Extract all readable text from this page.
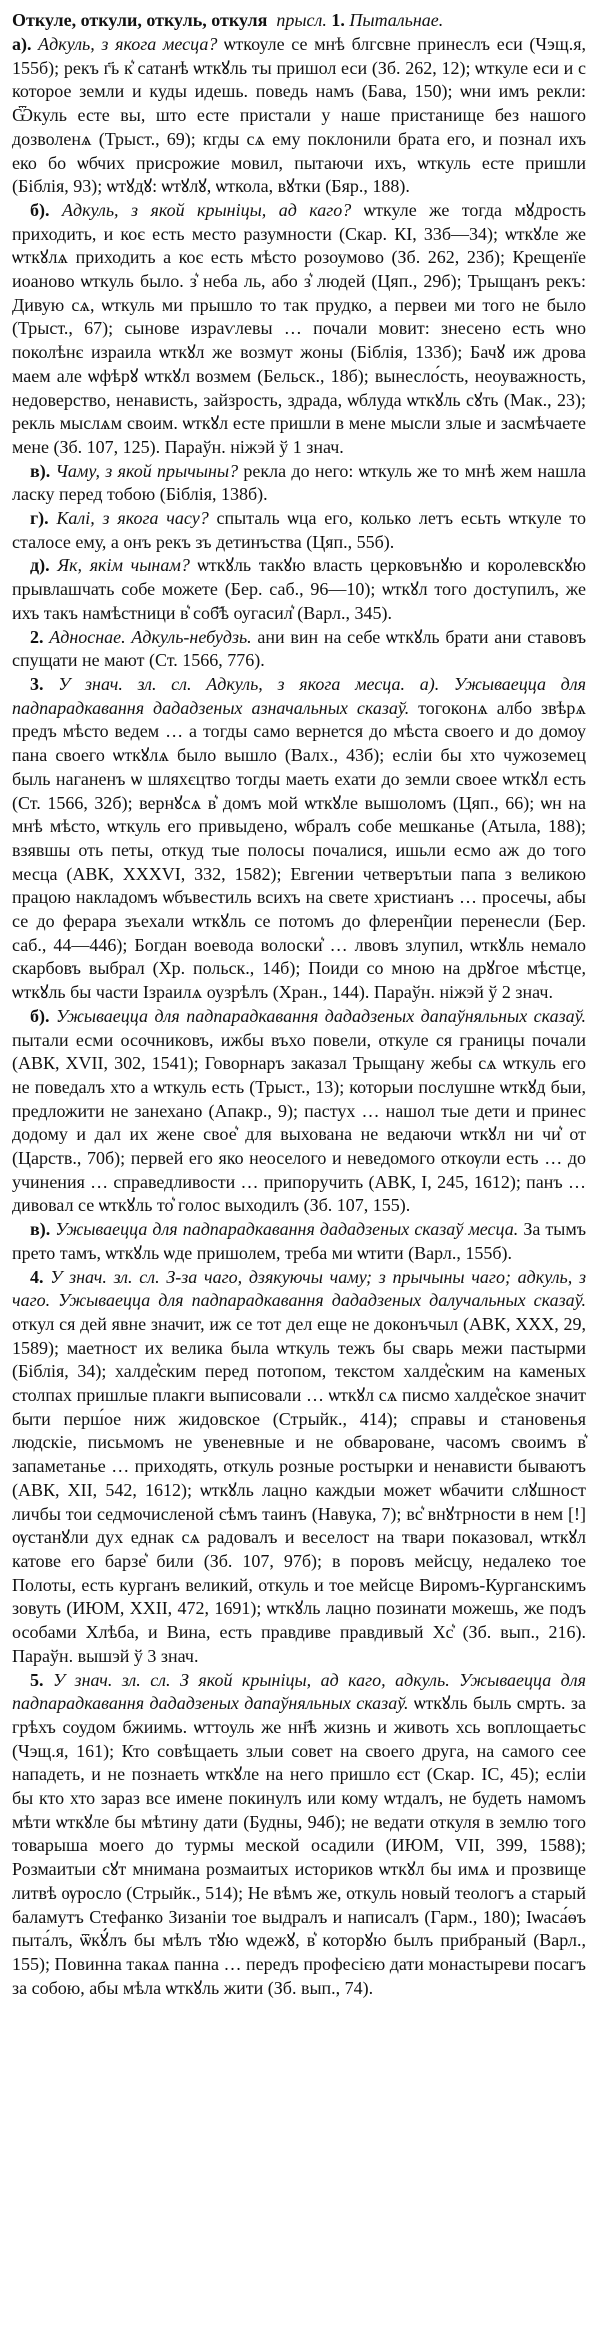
Откуле, откули, откуль, откуля прысл. 1. Пытальнае.

а). Адкуль, з якога месца? ѡткоуле се мнѣ блгсвне принеслъ еси (Чэщ.я, 155б); рекъ г҃ь к͛ сатанѣ ѡткꙋль ты пришол еси (Зб. 262, 12); ѡткуле еси и с которое земли и куды идешь. поведь намъ (Бава, 150); ѡни имъ рекли: Ѿкуль есте вы, што есте пристали у наше пристанище без нашого дозволенѧ (Трыст., 69); кгды сѧ ему поклонили брата его, и познал ихъ еко бо ѡбчих присрожие мовил, пытаючи ихъ, ѡткуль есте пришли (Біблія, 93); ѡтꙋдꙋ: ѡтꙋлꙋ, ѡткола, вꙋтки (Бяр., 188).

б). Адкуль, з якой крыніцы, ад каго? ѡткуле же тогда мꙋдрость приходить, и коє есть место разумности (Скар. КІ, 33б—34); ѡткꙋле же ѡткꙋлѧ приходить а коє есть мѣсто розоумово (Зб. 262, 23б); Крещенїе иоаново ѡткуль было. з͛ неба ль, або з͛ людей (Цяп., 29б); Трыщанъ рекъ: Дивую сѧ, ѡткуль ми прышло то так прудко, а первеи ми того не было (Трыст., 67); сынове израѵлевы … почали мовит: знесено есть ѡно поколѣнє израила ѡткꙋл же возмут жоны (Біблія, 133б); Бачꙋ иж дрова маем але ѡфѣрꙋ ѡткꙋл возмем (Бельск., 18б); вынесло́сть, неоуважность, недоверство, ненависть, зайзрость, здрада, ѡблуда ѡткꙋль сꙋть (Мак., 23); рекль мыслѧм своим. ѡткꙋл есте пришли в мене мысли злые и засмѣчаете мене (Зб. 107, 125). Параўн. ніжэй ў 1 знач.

в). Чаму, з якой прычыны? рекла до него: ѡткуль же то мнѣ жем нашла ласку перед тобою (Біблія, 138б).

г). Калі, з якога часу? спыталь ѡца его, колько летъ есьть ѡткуле то сталосе ему, а онъ рекъ зъ детинъства (Цяп., 55б).

д). Як, якім чынам? ѡткꙋль такꙋю власть церковънꙋю и королевскꙋю прывлашчать собе можете (Бер. саб., 96—10); ѡткꙋл того доступилъ, же ихъ такъ намѣстници в͛ соб҃ѣ оугасил͛ (Варл., 345).

2. Адноснае. Адкуль-небудзь. ани вин на себе ѡткꙋль брати ани ставовъ спущати не мают (Ст. 1566, 776).

3. У знач. зл. сл. Адкуль, з якога месца. а). Ужываецца для падпарадкавання дададзеных азначальных сказаў. тогоконѧ албо звѣрѧ предъ мѣсто ведем … а тогды само вернется до мѣста своего и до домоу пана своего ѡткꙋлѧ было вышло (Валх., 43б); есліи бы хто чужоземец быль наганенъ ѡ шляхєцтво тогды маеть ехати до земли своее ѡткꙋл есть (Ст. 1566, 32б); вернꙋсѧ в͛ домъ мой ѡткꙋле вышоломъ (Цяп., 66); ѡн на мнѣ мѣсто, ѡткуль его привыдено, ѡбралъ собе мешканье (Атыла, 188); взявшы оть петы, откуд тые полосы почалися, ишьли есмо аж до того месца (АВК, XXXVI, 332, 1582); Евгении четверътыи папа з великою працою накладомъ ѡбъвестиль всихъ на свете христианъ … просечы, абы се до ферара зъехали ѡткꙋль се потомъ до флерен̃ции перенесли (Бер. саб., 44—446); Богдан воевода волоски͛ … лвовъ злупил, ѡткꙋль немало скарбовъ выбрал (Хр. польск., 14б); Поиди со мною на дрꙋгое мѣстце, ѡткꙋль бы части Ізраилѧ оузрѣлъ (Хран., 144). Параўн. ніжэй ў 2 знач.

б). Ужываецца для падпарадкавання дададзеных дапаўняльных сказаў. пытали есми осочниковъ, ижбы въхо повели, откуле ся границы почали (АВК, XVII, 302, 1541); Говорнаръ заказал Трыщану жебы сѧ ѡткуль его не поведалъ хто а ѡткуль есть (Трыст., 13); которыи послушне ѡткꙋд быи, предложити не занехано (Апакр., 9); пастух … нашол тые дети и принес додому и дал их жене свое͛ для выхована не ведаючи ѡткꙋл ни чи͛ от (Царств., 70б); первей его яко неоселого и неведомого откѹли есть … до учинения … справедливости … припоручить (АВК, І, 245, 1612); панъ … дивовал се ѡткꙋль то͛ голос выходилъ (Зб. 107, 155).

в). Ужываецца для падпарадкавання дададзеных сказаў месца. За тымъ прето тамъ, ѡткꙋль ѡде пришолем, треба ми ѡтити (Варл., 155б).

4. У знач. зл. сл. З-за чаго, дзякуючы чаму; з прычыны чаго; адкуль, з чаго. Ужываецца для падпарадкавання дададзеных далучальных сказаў. откул ся дей явне значит, иж се тот дел еще не доконъчыл (АВК, XXX, 29, 1589); маетност их велика была ѡткуль тежъ бы сварь межи пастырми (Біблія, 34); халде͛ским перед потопом, текстом халде͛ским на каменых столпах пришлые плакги выписовали … ѡткꙋл сѧ писмо халде͛ское значит быти перш́ое ниж жидовское (Стрыйк., 414); справы и становенья людскіе, письмомъ не увеневные и не обвароване, часомъ своимъ в͛ запаметанье … приходять, откуль розные ростырки и ненависти бываютъ (АВК, XII, 542, 1612); ѡткꙋль лацно каждыи может ѡбачити слꙋшност личбы тои седмочисленой сѣмъ таинъ (Навука, 7); вс͛ внꙋтрности в нем [!] ѹстанꙋли дух еднак сѧ радовалъ и веселост на твари показовал, ѡткꙋл катове его барзе͛ били (Зб. 107, 97б); в поровъ мейсцу, недалеко тое Полоты, есть курганъ великий, откуль и тое мейсце Виромъ-Курганскимъ зовуть (ИЮМ, XXII, 472, 1691); ѡткꙋль лацно позинати можешь, же подъ особами Хлѣба, и Вина, есть правдиве правдивый Хс͛ (Зб. вып., 216). Параўн. вышэй ў 3 знач.

5. У знач. зл. сл. З якой крыніцы, ад каго, адкуль. Ужываецца для падпарадкавання дададзеных дапаўняльных сказаў. ѡткꙋль быль смрть. за грѣхъ соудом бжиимь. ѡттоуль же нн҃ѣ жизнь и животь хсь воплощаетьс (Чэщ.я, 161); Кто совѣщаеть злыи совет на своего друга, на самого сее нападеть, и не познаеть ѡткꙋле на него пришло єст (Скар. ІС, 45); есліи бы кто хто зараз все имене покинулъ или кому ѡтдалъ, не будеть намомъ мѣти ѡткꙋле бы мѣтину дати (Будны, 94б); не ведати откуля в землю того товарыша моего до турмы меской осадили (ИЮМ, VII, 399, 1588); Розмаитыи сꙋт мнимана розмаитых историков ѡткꙋл бы имѧ и прозвище литвѣ ѹросло (Стрыйк., 514); Не вѣмъ же, откуль новый теологъ а старый баламутъ Стефанко Зизаніи тое выдралъ и написалъ (Гарм., 180); Іѡаса́ѳъ пыта́лъ, ѿкꙋ́лъ бы мѣлъ тꙋю ѡдежꙋ, в͛ которꙋю былъ прибраный (Варл., 155); Повинна такаѧ панна … передъ професією дати монастыреви посагъ за собою, абы мѣла ѡткꙋль жити (Зб. вып., 74).
